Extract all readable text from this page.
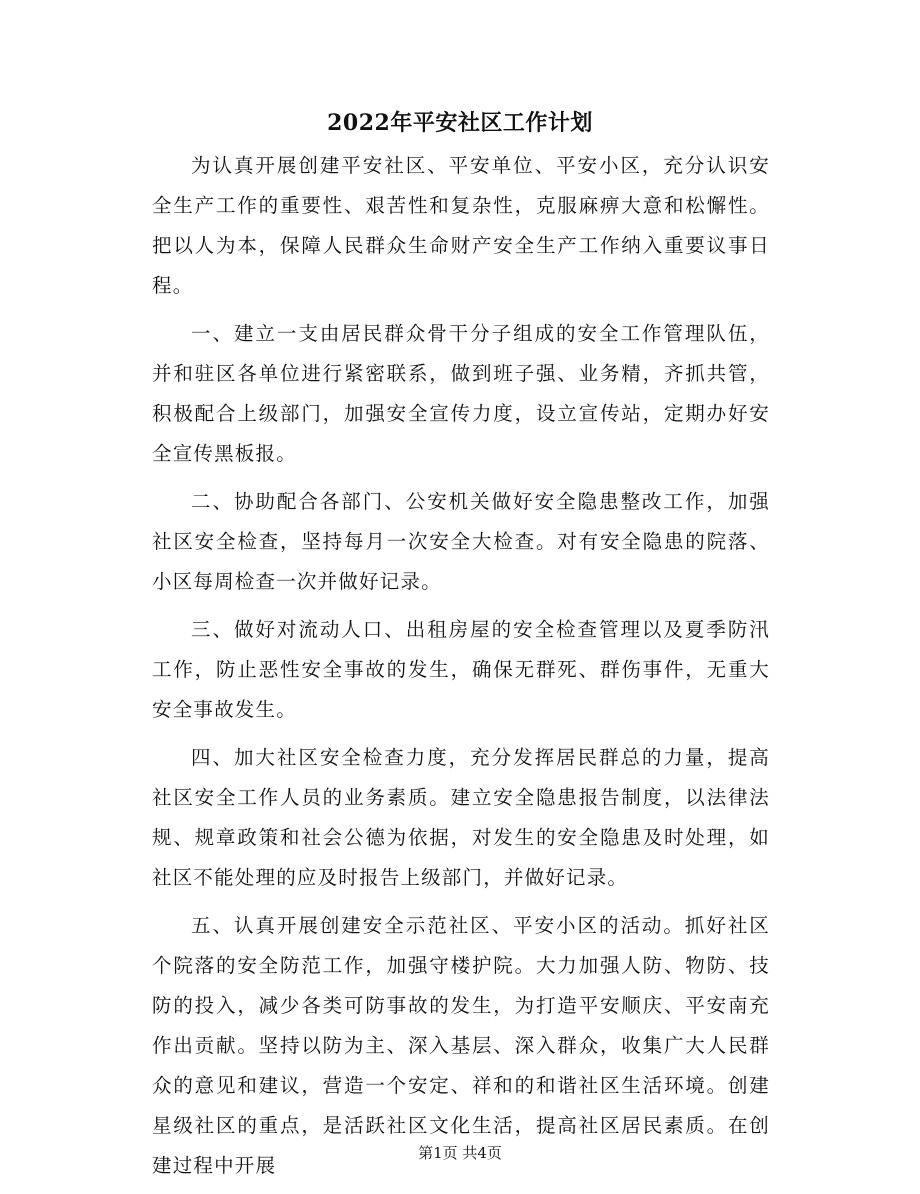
2022年平安社区工作计划

为认真开展创建平安社区、平安单位、平安小区，充分认识安全生产工作的重要性、艰苦性和复杂性，克服麻痹大意和松懈性。把以人为本，保障人民群众生命财产安全生产工作纳入重要议事日程。

一、建立一支由居民群众骨干分子组成的安全工作管理队伍，并和驻区各单位进行紧密联系，做到班子强、业务精，齐抓共管，积极配合上级部门，加强安全宣传力度，设立宣传站，定期办好安全宣传黑板报。

二、协助配合各部门、公安机关做好安全隐患整改工作，加强社区安全检查，坚持每月一次安全大检查。对有安全隐患的院落、小区每周检查一次并做好记录。

三、做好对流动人口、出租房屋的安全检查管理以及夏季防汛工作，防止恶性安全事故的发生，确保无群死、群伤事件，无重大安全事故发生。

四、加大社区安全检查力度，充分发挥居民群总的力量，提高社区安全工作人员的业务素质。建立安全隐患报告制度，以法律法规、规章政策和社会公德为依据，对发生的安全隐患及时处理，如社区不能处理的应及时报告上级部门，并做好记录。

五、认真开展创建安全示范社区、平安小区的活动。抓好社区个院落的安全防范工作，加强守楼护院。大力加强人防、物防、技防的投入，减少各类可防事故的发生，为打造平安顺庆、平安南充作出贡献。坚持以防为主、深入基层、深入群众，收集广大人民群众的意见和建议，营造一个安定、祥和的和谐社区生活环境。创建星级社区的重点，是活跃社区文化生活，提高社区居民素质。在创建过程中开展

第1页 共4页
